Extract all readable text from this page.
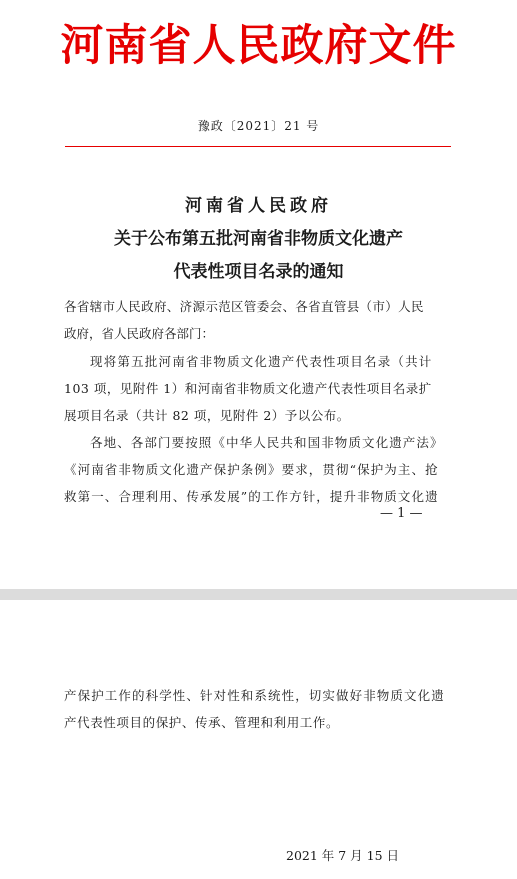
河南省人民政府文件
豫政〔2021〕21 号
河南省人民政府
关于公布第五批河南省非物质文化遗产
代表性项目名录的通知
各省辖市人民政府、济源示范区管委会、各省直管县（市）人民
政府，省人民政府各部门：
现将第五批河南省非物质文化遗产代表性项目名录（共计
103 项，见附件 1）和河南省非物质文化遗产代表性项目名录扩
展项目名录（共计 82 项，见附件 2）予以公布。
各地、各部门要按照《中华人民共和国非物质文化遗产法》
《河南省非物质文化遗产保护条例》要求，贯彻“保护为主、抢
救第一、合理利用、传承发展”的工作方针，提升非物质文化遗
— 1 —
产保护工作的科学性、针对性和系统性，切实做好非物质文化遗
产代表性项目的保护、传承、管理和利用工作。
2021 年 7 月 15 日
